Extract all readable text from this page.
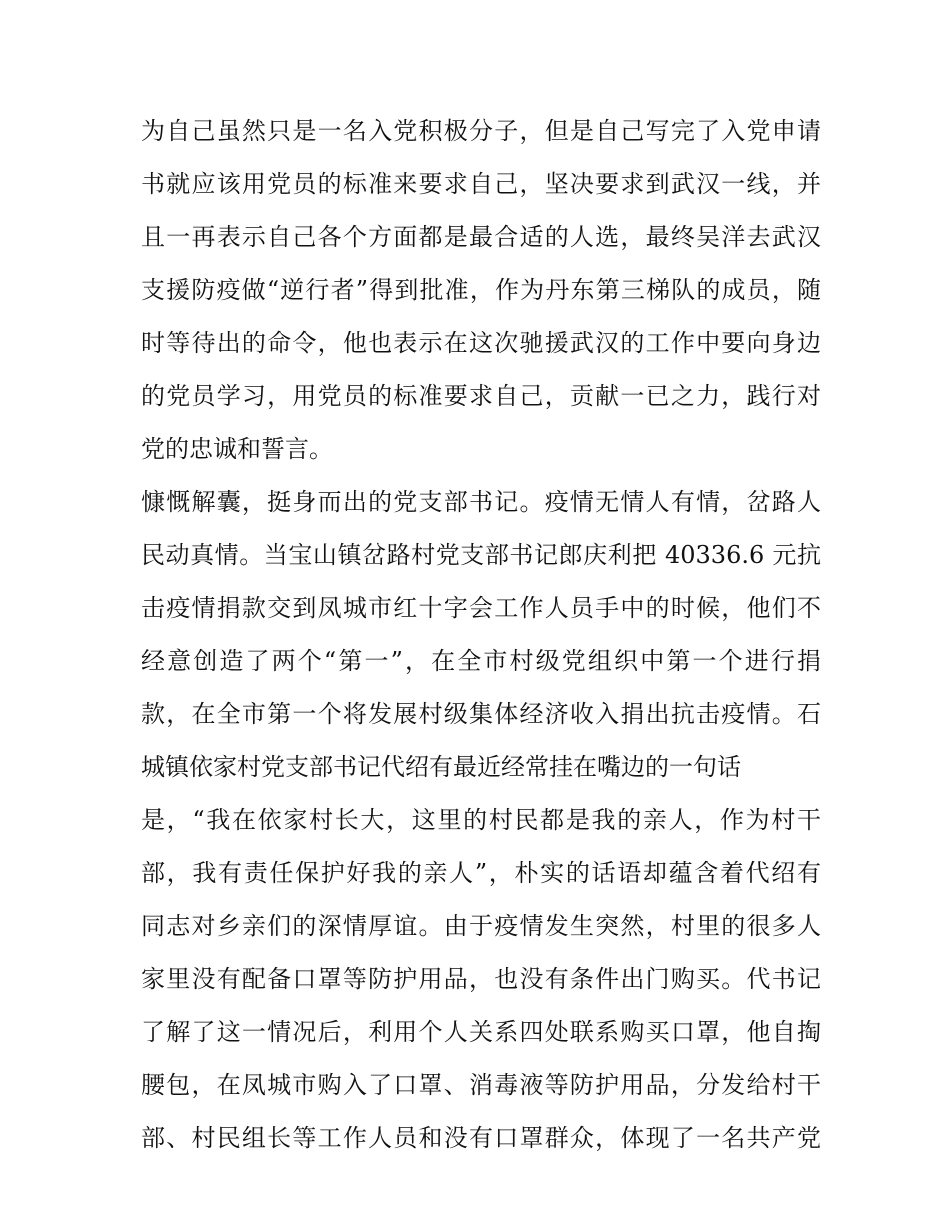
为自己虽然只是一名入党积极分子，但是自己写完了入党申请
书就应该用党员的标准来要求自己，坚决要求到武汉一线，并
且一再表示自己各个方面都是最合适的人选，最终吴洋去武汉
支援防疫做“逆行者”得到批准，作为丹东第三梯队的成员，随
时等待出的命令，他也表示在这次驰援武汉的工作中要向身边
的党员学习，用党员的标准要求自己，贡献一已之力，践行对
党的忠诚和誓言。
慷慨解囊，挺身而出的党支部书记。疫情无情人有情，岔路人
民动真情。当宝山镇岔路村党支部书记郎庆利把 40336.6 元抗
击疫情捐款交到凤城市红十字会工作人员手中的时候，他们不
经意创造了两个“第一”，在全市村级党组织中第一个进行捐
款，在全市第一个将发展村级集体经济收入捐出抗击疫情。石
城镇依家村党支部书记代绍有最近经常挂在嘴边的一句话
是，“我在依家村长大，这里的村民都是我的亲人，作为村干
部，我有责任保护好我的亲人”，朴实的话语却蕴含着代绍有
同志对乡亲们的深情厚谊。由于疫情发生突然，村里的很多人
家里没有配备口罩等防护用品，也没有条件出门购买。代书记
了解了这一情况后，利用个人关系四处联系购买口罩，他自掏
腰包，在凤城市购入了口罩、消毒液等防护用品，分发给村干
部、村民组长等工作人员和没有口罩群众，体现了一名共产党
